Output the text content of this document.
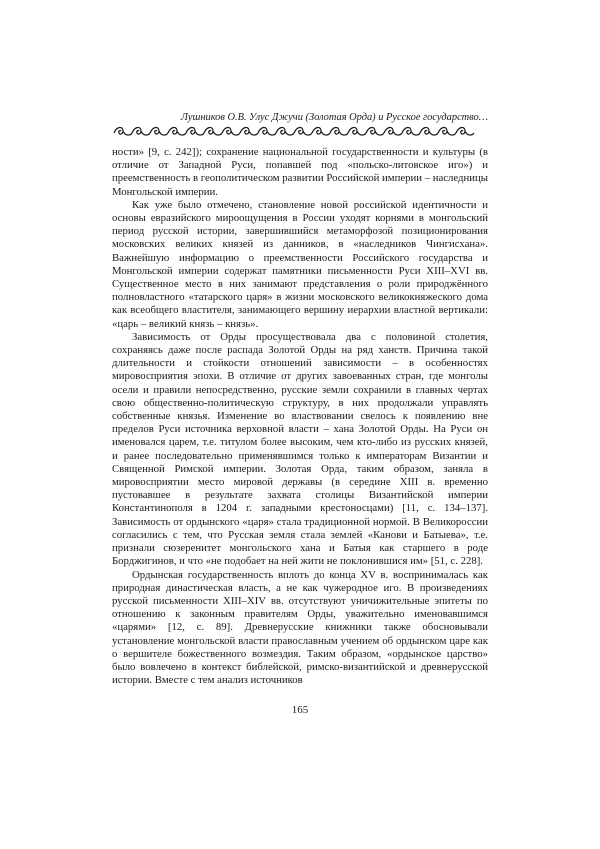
Лушников О.В. Улус Джучи (Золотая Орда) и Русское государство…

ности» [9, с. 242]); сохранение национальной государственности и культуры (в отличие от Западной Руси, попавшей под «польско-литовское иго») и преемственность в геополитическом развитии Российской империи – наследницы Монгольской империи.

Как уже было отмечено, становление новой российской идентичности и основы евразийского мироощущения в России уходят корнями в монгольский период русской истории, завершившийся метаморфозой позиционирования московских великих князей из данников, в «наследников Чингисхана». Важнейшую информацию о преемственности Российского государства и Монгольской империи содержат памятники письменности Руси XIII–XVI вв. Существенное место в них занимают представления о роли природжённого полновластного «татарского царя» в жизни московского великокняжеского дома как всеобщего властителя, занимающего вершину иерархии властной вертикали: «царь – великий князь – князь».

Зависимость от Орды просуществовала два с половиной столетия, сохраняясь даже после распада Золотой Орды на ряд ханств. Причина такой длительности и стойкости отношений зависимости – в особенностях мировосприятия эпохи. В отличие от других завоеванных стран, где монголы осели и правили непосредственно, русские земли сохранили в главных чертах свою общественно-политическую структуру, в них продолжали управлять собственные князья. Изменение во властвовании свелось к появлению вне пределов Руси источника верховной власти – хана Золотой Орды. На Руси он именовался царем, т.е. титулом более высоким, чем кто-либо из русских князей, и ранее последовательно применявшимся только к императорам Византии и Священной Римской империи. Золотая Орда, таким образом, заняла в мировосприятии место мировой державы (в середине XIII в. временно пустовавшее в результате захвата столицы Византийской империи Константинополя в 1204 г. западными крестоносцами) [11, с. 134–137]. Зависимость от ордынского «царя» стала традиционной нормой. В Великороссии согласились с тем, что Русская земля стала землей «Канови и Батыева», т.е. признали сюзеренитет монгольского хана и Батыя как старшего в роде Борджигинов, и что «не подобает на ней жити не поклонившися им» [51, с. 228].

Ордынская государственность вплоть до конца XV в. воспринималась как природная династическая власть, а не как чужеродное иго. В произведениях русской письменности XIII–XIV вв. отсутствуют уничижительные эпитеты по отношению к законным правителям Орды, уважительно именовавшимся «царями» [12, с. 89]. Древнерусские книжники также обосновывали установление монгольской власти православным учением об ордынском царе как о вершителе божественного возмездия. Таким образом, «ордынское царство» было вовлечено в контекст библейской, римско-византийской и древнерусской истории. Вместе с тем анализ источников

165
